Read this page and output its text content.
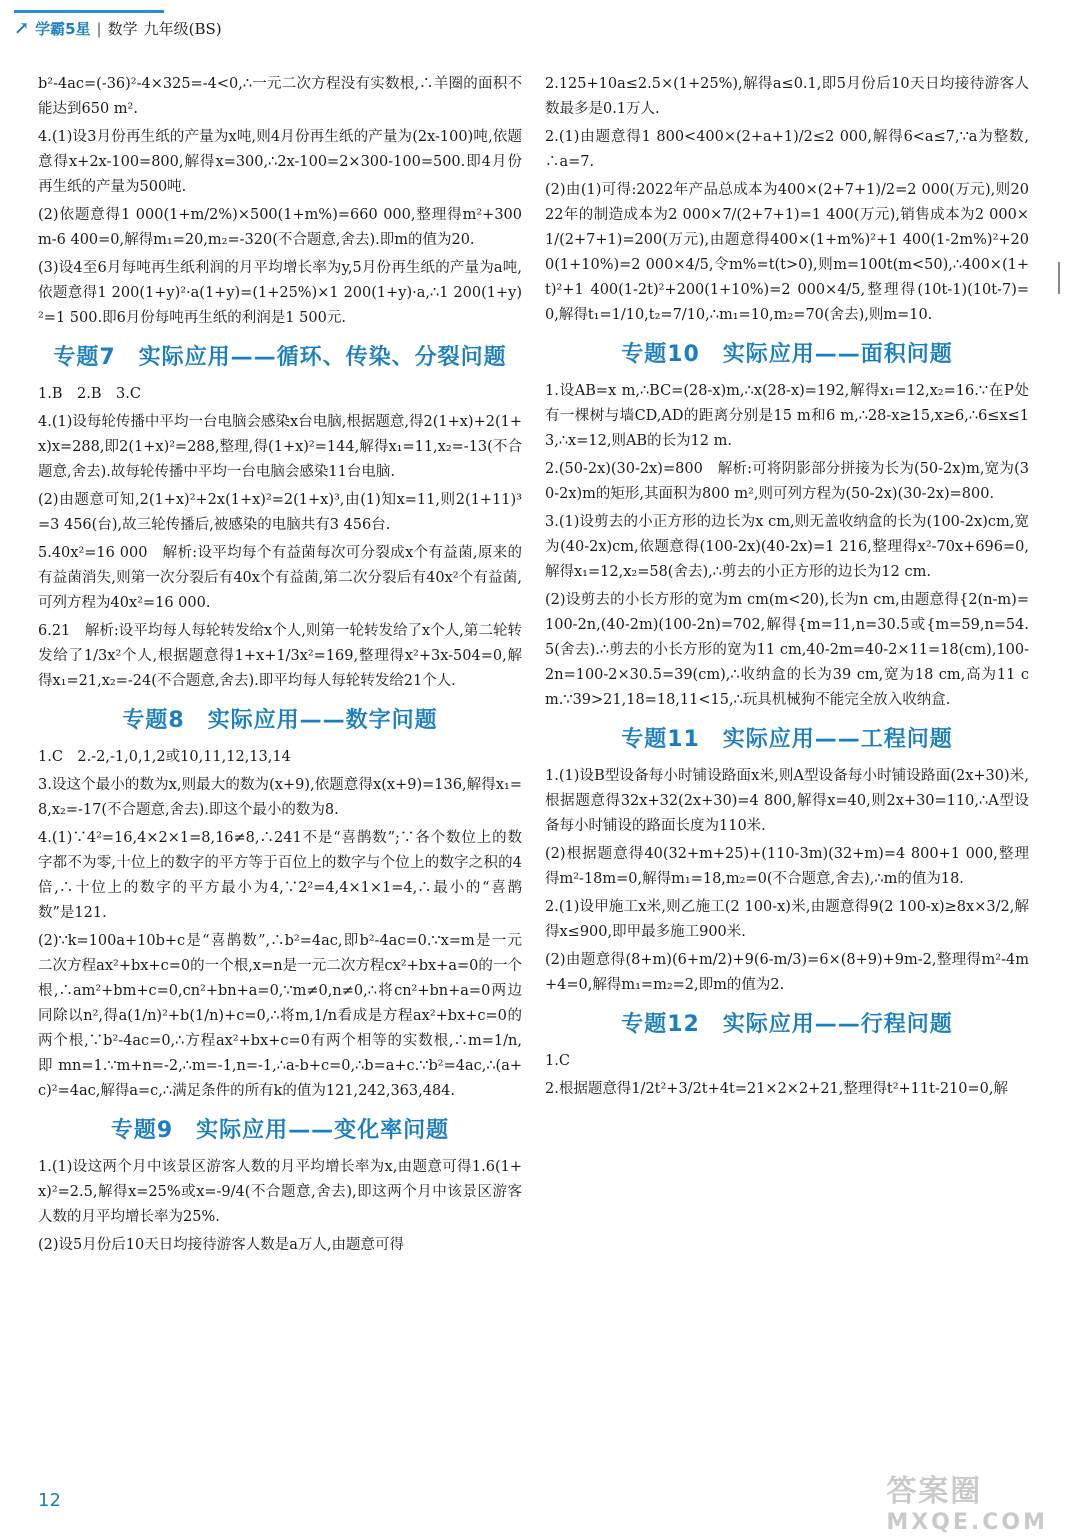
↗ 学霸5星 | 数学 九年级(BS)
b²-4ac=(-36)²-4×325=-4<0,∴一元二次方程没有实数根,∴羊圈的面积不能达到650 m².
4.(1)设3月份再生纸的产量为x吨,则4月份再生纸的产量为(2x-100)吨,依题意得x+2x-100=800,解得x=300,∴2x-100=2×300-100=500.即4月份再生纸的产量为500吨.
(2)依题意得1 000(1+m/2%)×500(1+m%)=660 000,整理得m²+300m-6 400=0,解得m₁=20,m₂=-320(不合题意,舍去).即m的值为20.
(3)设4至6月每吨再生纸利润的月平均增长率为y,5月份再生纸的产量为a吨,依题意得1 200(1+y)²·a(1+y)=(1+25%)×1 200(1+y)·a,∴1 200(1+y)²=1 500.即6月份每吨再生纸的利润是1 500元.
专题7　实际应用——循环、传染、分裂问题
1.B　2.B　3.C
4.(1)设每轮传播中平均一台电脑会感染x台电脑,根据题意,得2(1+x)+2(1+x)x=288,即2(1+x)²=288,整理,得(1+x)²=144,解得x₁=11,x₂=-13(不合题意,舍去).故每轮传播中平均一台电脑会感染11台电脑.
(2)由题意可知,2(1+x)²+2x(1+x)²=2(1+x)³,由(1)知x=11,则2(1+11)³=3 456(台),故三轮传播后,被感染的电脑共有3 456台.
5.40x²=16 000　解析:设平均每个有益菌每次可分裂成x个有益菌,原来的有益菌消失,则第一次分裂后有40x个有益菌,第二次分裂后有40x²个有益菌,可列方程为40x²=16 000.
6.21　解析:设平均每人每轮转发给x个人,则第一轮转发给了x个人,第二轮转发给了1/3x²个人,根据题意得1+x+1/3x²=169,整理得x²+3x-504=0,解得x₁=21,x₂=-24(不合题意,舍去).即平均每人每轮转发给21个人.
专题8　实际应用——数字问题
1.C　2.-2,-1,0,1,2或10,11,12,13,14
3.设这个最小的数为x,则最大的数为(x+9),依题意得x(x+9)=136,解得x₁=8,x₂=-17(不合题意,舍去).即这个最小的数为8.
4.(1)∵4²=16,4×2×1=8,16≠8,∴241不是“喜鹊数”;∵各个数位上的数字都不为零,十位上的数字的平方等于百位上的数字与个位上的数字之积的4倍,∴十位上的数字的平方最小为4,∵2²=4,4×1×1=4,∴最小的“喜鹊数”是121.
(2)∵k=100a+10b+c是“喜鹊数”,∴b²=4ac,即b²-4ac=0.∵x=m是一元二次方程ax²+bx+c=0的一个根,x=n是一元二次方程cx²+bx+a=0的一个根,∴am²+bm+c=0,cn²+bn+a=0,∵m≠0,n≠0,∴将cn²+bn+a=0两边同除以n²,得a(1/n)²+b(1/n)+c=0,∴将m,1/n看成是方程ax²+bx+c=0的两个根,∵b²-4ac=0,∴方程ax²+bx+c=0有两个相等的实数根,∴m=1/n,即mn=1.∵m+n=-2,∴m=-1,n=-1,∴a-b+c=0,∴b=a+c.∵b²=4ac,∴(a+c)²=4ac,解得a=c,∴满足条件的所有k的值为121,242,363,484.
专题9　实际应用——变化率问题
1.(1)设这两个月中该景区游客人数的月平均增长率为x,由题意可得1.6(1+x)²=2.5,解得x=25%或x=-9/4(不合题意,舍去),即这两个月中该景区游客人数的月平均增长率为25%.
(2)设5月份后10天日均接待游客人数是a万人,由题意可得
2.125+10a≤2.5×(1+25%),解得a≤0.1,即5月份后10天日均接待游客人数最多是0.1万人.
2.(1)由题意得1 800<400×(2+a+1)/2≤2 000,解得6<a≤7,∵a为整数,∴a=7.
(2)由(1)可得:2022年产品总成本为400×(2+7+1)/2=2 000(万元),则2022年的制造成本为2 000×7/(2+7+1)=1 400(万元),销售成本为2 000×1/(2+7+1)=200(万元),由题意得400×(1+m%)²+1 400(1-2m%)²+200(1+10%)=2 000×4/5,令m%=t(t>0),则m=100t(m<50),∴400×(1+t)²+1 400(1-2t)²+200(1+10%)=2 000×4/5,整理得(10t-1)(10t-7)=0,解得t₁=1/10,t₂=7/10,∴m₁=10,m₂=70(舍去),则m=10.
专题10　实际应用——面积问题
1.设AB=x m,∴BC=(28-x)m,∴x(28-x)=192,解得x₁=12,x₂=16.∵在P处有一棵树与墙CD,AD的距离分别是15 m和6 m,∴28-x≥15,x≥6,∴6≤x≤13,∴x=12,则AB的长为12 m.
2.(50-2x)(30-2x)=800　解析:可将阴影部分拼接为长为(50-2x)m,宽为(30-2x)m的矩形,其面积为800 m²,则可列方程为(50-2x)(30-2x)=800.
3.(1)设剪去的小正方形的边长为x cm,则无盖收纳盒的长为(100-2x)cm,宽为(40-2x)cm,依题意得(100-2x)(40-2x)=1 216,整理得x²-70x+696=0,解得x₁=12,x₂=58(舍去),∴剪去的小正方形的边长为12 cm.
(2)设剪去的小长方形的宽为m cm(m<20),长为n cm,由题意得{2(n-m)=100-2n,(40-2m)(100-2n)=702,解得{m=11,n=30.5或{m=59,n=54.5(舍去).∴剪去的小长方形的宽为11 cm,40-2m=40-2×11=18(cm),100-2n=100-2×30.5=39(cm),∴收纳盒的长为39 cm,宽为18 cm,高为11 cm.∵39>21,18=18,11<15,∴玩具机械狗不能完全放入收纳盒.
专题11　实际应用——工程问题
1.(1)设B型设备每小时铺设路面x米,则A型设备每小时铺设路面(2x+30)米,根据题意得32x+32(2x+30)=4 800,解得x=40,则2x+30=110,∴A型设备每小时铺设的路面长度为110米.
(2)根据题意得40(32+m+25)+(110-3m)(32+m)=4 800+1 000,整理得m²-18m=0,解得m₁=18,m₂=0(不合题意,舍去),∴m的值为18.
2.(1)设甲施工x米,则乙施工(2 100-x)米,由题意得9(2 100-x)≥8x×3/2,解得x≤900,即甲最多施工900米.
(2)由题意得(8+m)(6+m/2)+9(6-m/3)=6×(8+9)+9m-2,整理得m²-4m+4=0,解得m₁=m₂=2,即m的值为2.
专题12　实际应用——行程问题
1.C
2.根据题意得1/2t²+3/2t+4t=21×2×2+21,整理得t²+11t-210=0,解
12	答案圈
MXQE.COM
